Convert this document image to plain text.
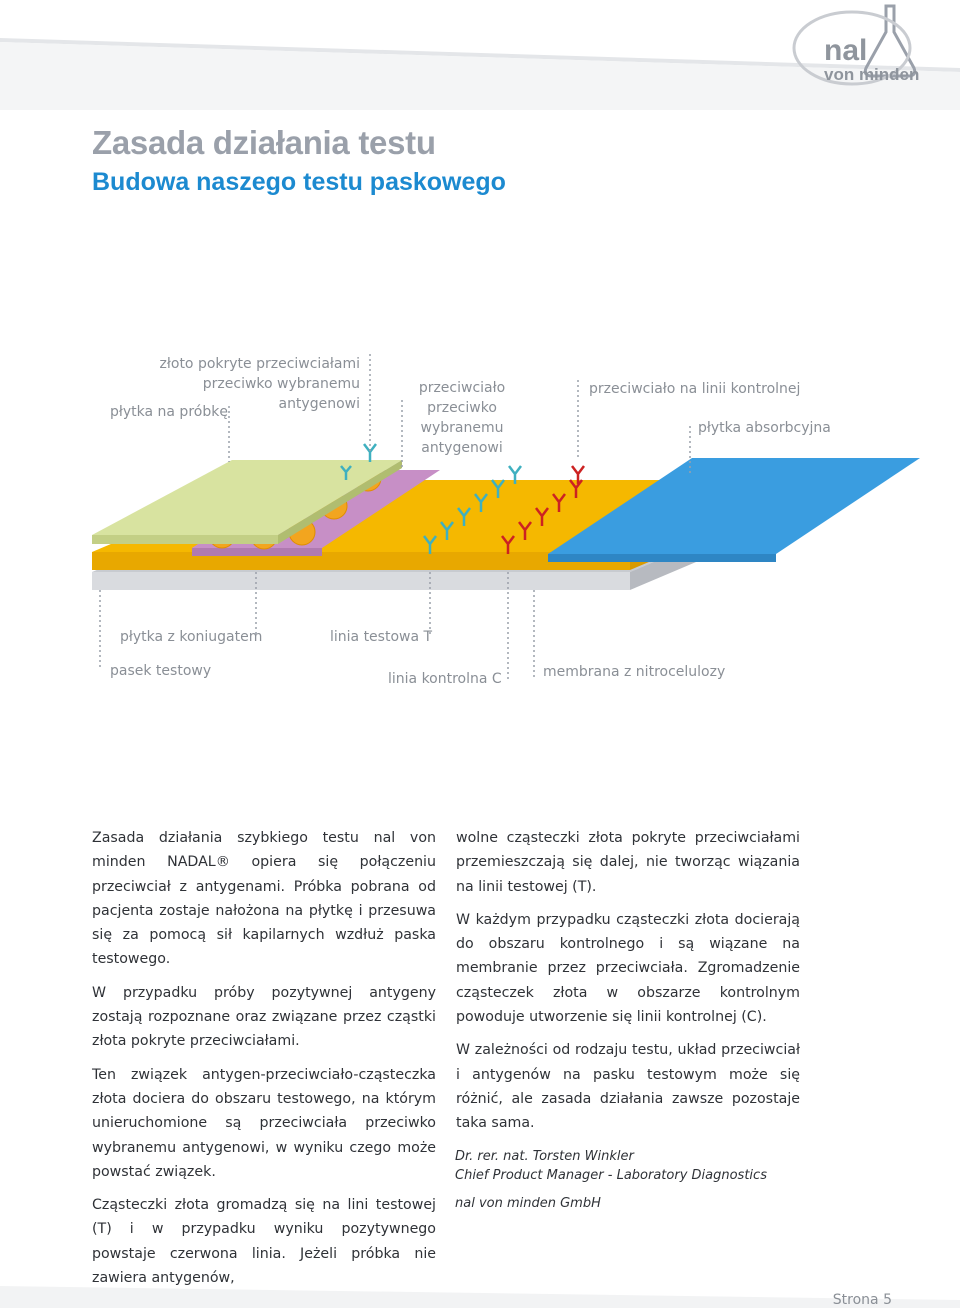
nal
von minden
Zasada działania testu
Budowa naszego testu paskowego
złoto pokryte przeciwciałami
przeciwko wybranemu antygenowi
płytka na próbkę
przeciwciało
przeciwko
wybranemu
antygenowi
przeciwciało na linii kontrolnej
płytka absorbcyjna
płytka z koniugatem	linia testowa T
pasek testowy	linia kontrolna C	membrana z nitrocelulozy

Zasada działania szybkiego testu nal von minden NADAL® opiera się połączeniu przeciwciał z antygenami. Próbka pobrana od pacjenta zostaje nałożona na płytkę i przesuwa się za pomocą sił kapilarnych wzdłuż paska testowego.

W przypadku próby pozytywnej antygeny zostają rozpoznane oraz związane przez cząstki złota pokryte przeciwciałami.

Ten związek antygen-przeciwciało-cząsteczka złota dociera do obszaru testowego, na którym unieruchomione są przeciwciała przeciwko wybranemu antygenowi, w wyniku czego może powstać związek.

Cząsteczki złota gromadzą się na lini testowej (T) i w przypadku wyniku pozytywnego powstaje czerwona linia. Jeżeli próbka nie zawiera antygenów,

wolne cząsteczki złota pokryte przeciwciałami przemieszczają się dalej, nie tworząc wiązania na linii testowej (T).

W każdym przypadku cząsteczki złota docierają do obszaru kontrolnego i są wiązane na membranie przez przeciwciała. Zgromadzenie cząsteczek złota w obszarze kontrolnym powoduje utworzenie się linii kontrolnej (C).

W zależności od rodzaju testu, układ przeciwciał i antygenów na pasku testowym może się różnić, ale zasada działania zawsze pozostaje taka sama.

Dr. rer. nat. Torsten Winkler
Chief Product Manager - Laboratory Diagnostics
nal von minden GmbH
Strona 5
